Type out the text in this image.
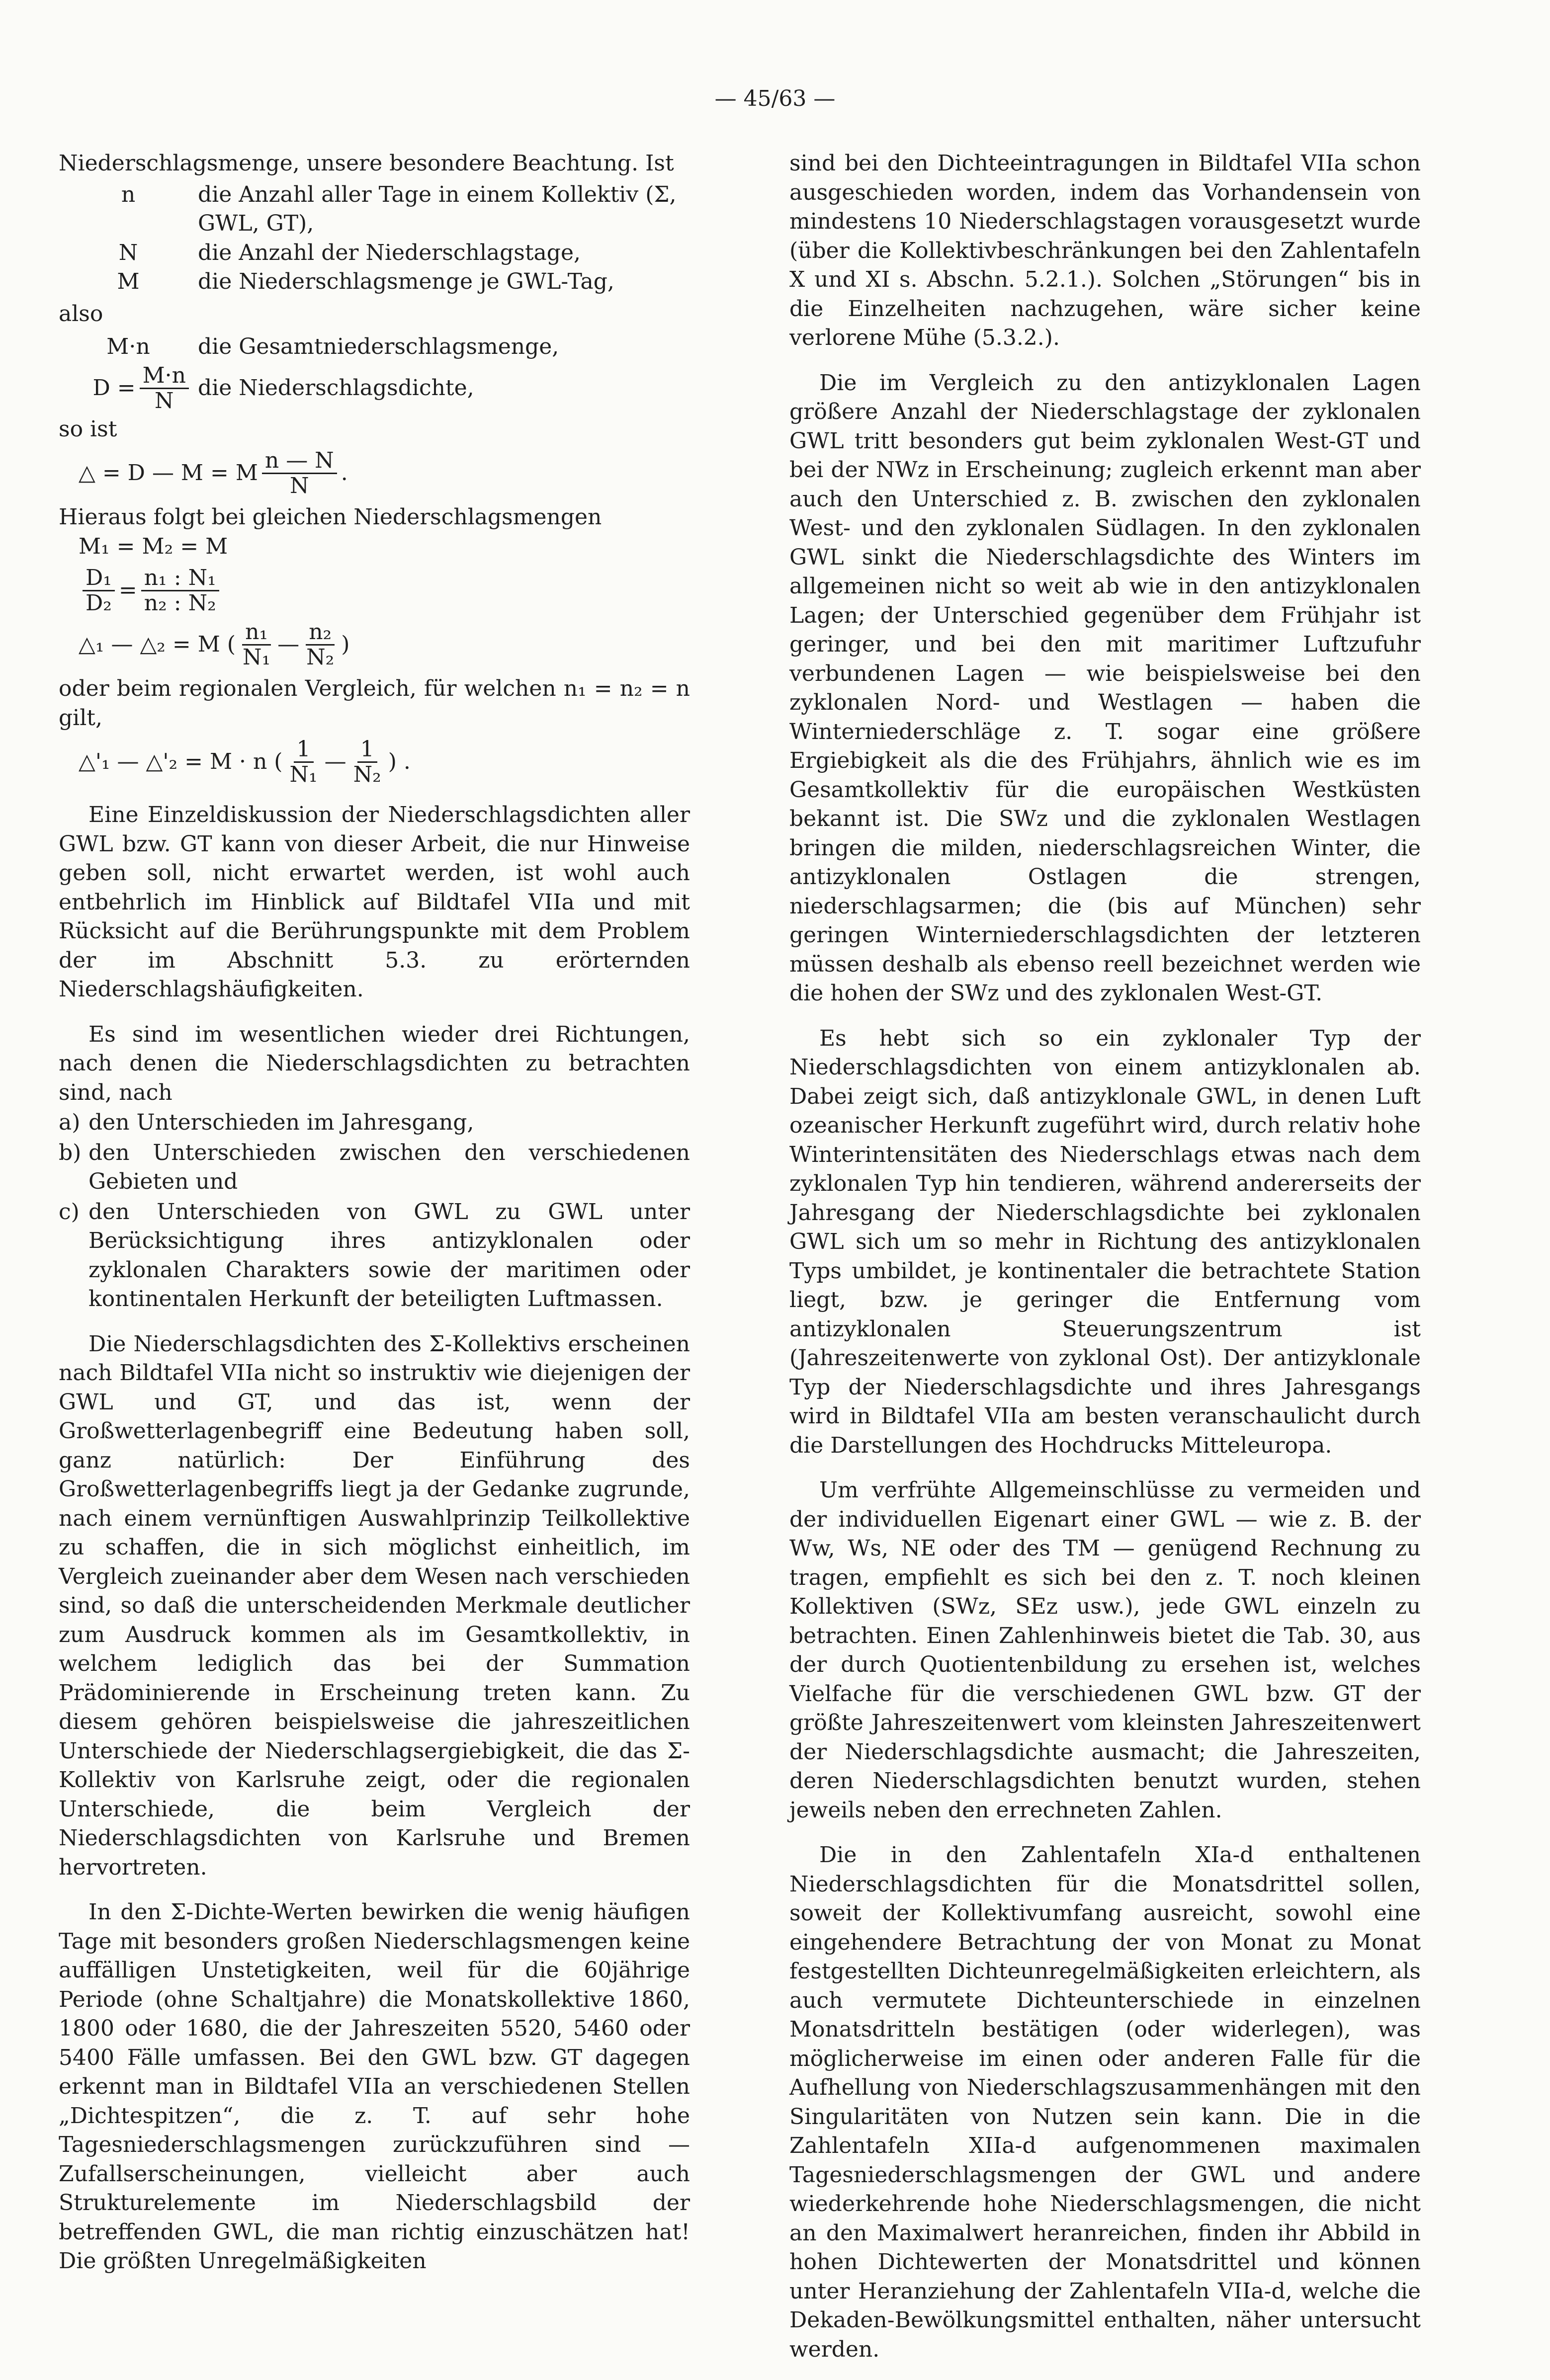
— 45/63 —

Niederschlagsmenge, unsere besondere Beachtung. Ist

n	die Anzahl aller Tage in einem Kollektiv (Σ, GWL, GT),
N	die Anzahl der Niederschlagstage,
M	die Niederschlagsmenge je GWL-Tag,
also
M·n	die Gesamtniederschlagsmenge,
$D = \frac{M\cdot n}{N}$ die Niederschlagsdichte,
so ist
△ = D — M = M $\frac{n — N}{N}$ .
Hieraus folgt bei gleichen Niederschlagsmengen
M₁ = M₂ = M
$\frac{\text{D₁}}{\text{D₂}} = \frac{\text{n₁ : N₁}}{\text{n₂ : N₂}}$
△₁ — △₂ = M ( $\frac{\text{n₁}}{\text{N₁}}$ — $\frac{\text{n₂}}{\text{N₂}}$ )

oder beim regionalen Vergleich, für welchen n₁ = n₂ = n gilt,

△'₁ — △'₂ = M · n ( $\frac{1}{\text{N₁}}$ — $\frac{1}{\text{N₂}}$ ) .

Eine Einzeldiskussion der Niederschlagsdichten aller GWL bzw. GT kann von dieser Arbeit, die nur Hinweise geben soll, nicht erwartet werden, ist wohl auch entbehrlich im Hinblick auf Bildtafel VIIa und mit Rücksicht auf die Berührungspunkte mit dem Problem der im Abschnitt 5.3. zu erörternden Niederschlagshäufigkeiten.

Es sind im wesentlichen wieder drei Richtungen, nach denen die Niederschlagsdichten zu betrachten sind, nach

a) den Unterschieden im Jahresgang,
b) den Unterschieden zwischen den verschiedenen Gebieten und
c) den Unterschieden von GWL zu GWL unter Berücksichtigung ihres antizyklonalen oder zyklonalen Charakters sowie der maritimen oder kontinentalen Herkunft der beteiligten Luftmassen.

Die Niederschlagsdichten des Σ-Kollektivs erscheinen nach Bildtafel VIIa nicht so instruktiv wie diejenigen der GWL und GT, und das ist, wenn der Großwetterlagenbegriff eine Bedeutung haben soll, ganz natürlich: Der Einführung des Großwetterlagenbegriffs liegt ja der Gedanke zugrunde, nach einem vernünftigen Auswahlprinzip Teilkollektive zu schaffen, die in sich möglichst einheitlich, im Vergleich zueinander aber dem Wesen nach verschieden sind, so daß die unterscheidenden Merkmale deutlicher zum Ausdruck kommen als im Gesamtkollektiv, in welchem lediglich das bei der Summation Prädominierende in Erscheinung treten kann. Zu diesem gehören beispielsweise die jahreszeitlichen Unterschiede der Niederschlagsergiebigkeit, die das Σ-Kollektiv von Karlsruhe zeigt, oder die regionalen Unterschiede, die beim Vergleich der Niederschlagsdichten von Karlsruhe und Bremen hervortreten.

In den Σ-Dichte-Werten bewirken die wenig häufigen Tage mit besonders großen Niederschlagsmengen keine auffälligen Unstetigkeiten, weil für die 60jährige Periode (ohne Schaltjahre) die Monatskollektive 1860, 1800 oder 1680, die der Jahreszeiten 5520, 5460 oder 5400 Fälle umfassen. Bei den GWL bzw. GT dagegen erkennt man in Bildtafel VIIa an verschiedenen Stellen „Dichtespitzen“, die z. T. auf sehr hohe Tagesniederschlagsmengen zurückzuführen sind — Zufallserscheinungen, vielleicht aber auch Strukturelemente im Niederschlagsbild der betreffenden GWL, die man richtig einzuschätzen hat! Die größten Unregelmäßigkeiten

sind bei den Dichteeintragungen in Bildtafel VIIa schon ausgeschieden worden, indem das Vorhandensein von mindestens 10 Niederschlagstagen vorausgesetzt wurde (über die Kollektivbeschränkungen bei den Zahlentafeln X und XI s. Abschn. 5.2.1.). Solchen „Störungen“ bis in die Einzelheiten nachzugehen, wäre sicher keine verlorene Mühe (5.3.2.).

Die im Vergleich zu den antizyklonalen Lagen größere Anzahl der Niederschlagstage der zyklonalen GWL tritt besonders gut beim zyklonalen West-GT und bei der NWz in Erscheinung; zugleich erkennt man aber auch den Unterschied z. B. zwischen den zyklonalen West- und den zyklonalen Südlagen. In den zyklonalen GWL sinkt die Niederschlagsdichte des Winters im allgemeinen nicht so weit ab wie in den antizyklonalen Lagen; der Unterschied gegenüber dem Frühjahr ist geringer, und bei den mit maritimer Luftzufuhr verbundenen Lagen — wie beispielsweise bei den zyklonalen Nord- und Westlagen — haben die Winterniederschläge z. T. sogar eine größere Ergiebigkeit als die des Frühjahrs, ähnlich wie es im Gesamtkollektiv für die europäischen Westküsten bekannt ist. Die SWz und die zyklonalen Westlagen bringen die milden, niederschlagsreichen Winter, die antizyklonalen Ostlagen die strengen, niederschlagsarmen; die (bis auf München) sehr geringen Winterniederschlagsdichten der letzteren müssen deshalb als ebenso reell bezeichnet werden wie die hohen der SWz und des zyklonalen West-GT.

Es hebt sich so ein zyklonaler Typ der Niederschlagsdichten von einem antizyklonalen ab. Dabei zeigt sich, daß antizyklonale GWL, in denen Luft ozeanischer Herkunft zugeführt wird, durch relativ hohe Winterintensitäten des Niederschlags etwas nach dem zyklonalen Typ hin tendieren, während andererseits der Jahresgang der Niederschlagsdichte bei zyklonalen GWL sich um so mehr in Richtung des antizyklonalen Typs umbildet, je kontinentaler die betrachtete Station liegt, bzw. je geringer die Entfernung vom antizyklonalen Steuerungszentrum ist (Jahreszeitenwerte von zyklonal Ost). Der antizyklonale Typ der Niederschlagsdichte und ihres Jahresgangs wird in Bildtafel VIIa am besten veranschaulicht durch die Darstellungen des Hochdrucks Mitteleuropa.

Um verfrühte Allgemeinschlüsse zu vermeiden und der individuellen Eigenart einer GWL — wie z. B. der Ww, Ws, NE oder des TM — genügend Rechnung zu tragen, empfiehlt es sich bei den z. T. noch kleinen Kollektiven (SWz, SEz usw.), jede GWL einzeln zu betrachten. Einen Zahlenhinweis bietet die Tab. 30, aus der durch Quotientenbildung zu ersehen ist, welches Vielfache für die verschiedenen GWL bzw. GT der größte Jahreszeitenwert vom kleinsten Jahreszeitenwert der Niederschlagsdichte ausmacht; die Jahreszeiten, deren Niederschlagsdichten benutzt wurden, stehen jeweils neben den errechneten Zahlen.

Die in den Zahlentafeln XIa-d enthaltenen Niederschlagsdichten für die Monatsdrittel sollen, soweit der Kollektivumfang ausreicht, sowohl eine eingehendere Betrachtung der von Monat zu Monat festgestellten Dichteunregelmäßigkeiten erleichtern, als auch vermutete Dichteunterschiede in einzelnen Monatsdritteln bestätigen (oder widerlegen), was möglicherweise im einen oder anderen Falle für die Aufhellung von Niederschlagszusammenhängen mit den Singularitäten von Nutzen sein kann. Die in die Zahlentafeln XIIa-d aufgenommenen maximalen Tagesniederschlagsmengen der GWL und andere wiederkehrende hohe Niederschlagsmengen, die nicht an den Maximalwert heranreichen, finden ihr Abbild in hohen Dichtewerten der Monatsdrittel und können unter Heranziehung der Zahlentafeln VIIa-d, welche die Dekaden-Bewölkungsmittel enthalten, näher untersucht werden.
